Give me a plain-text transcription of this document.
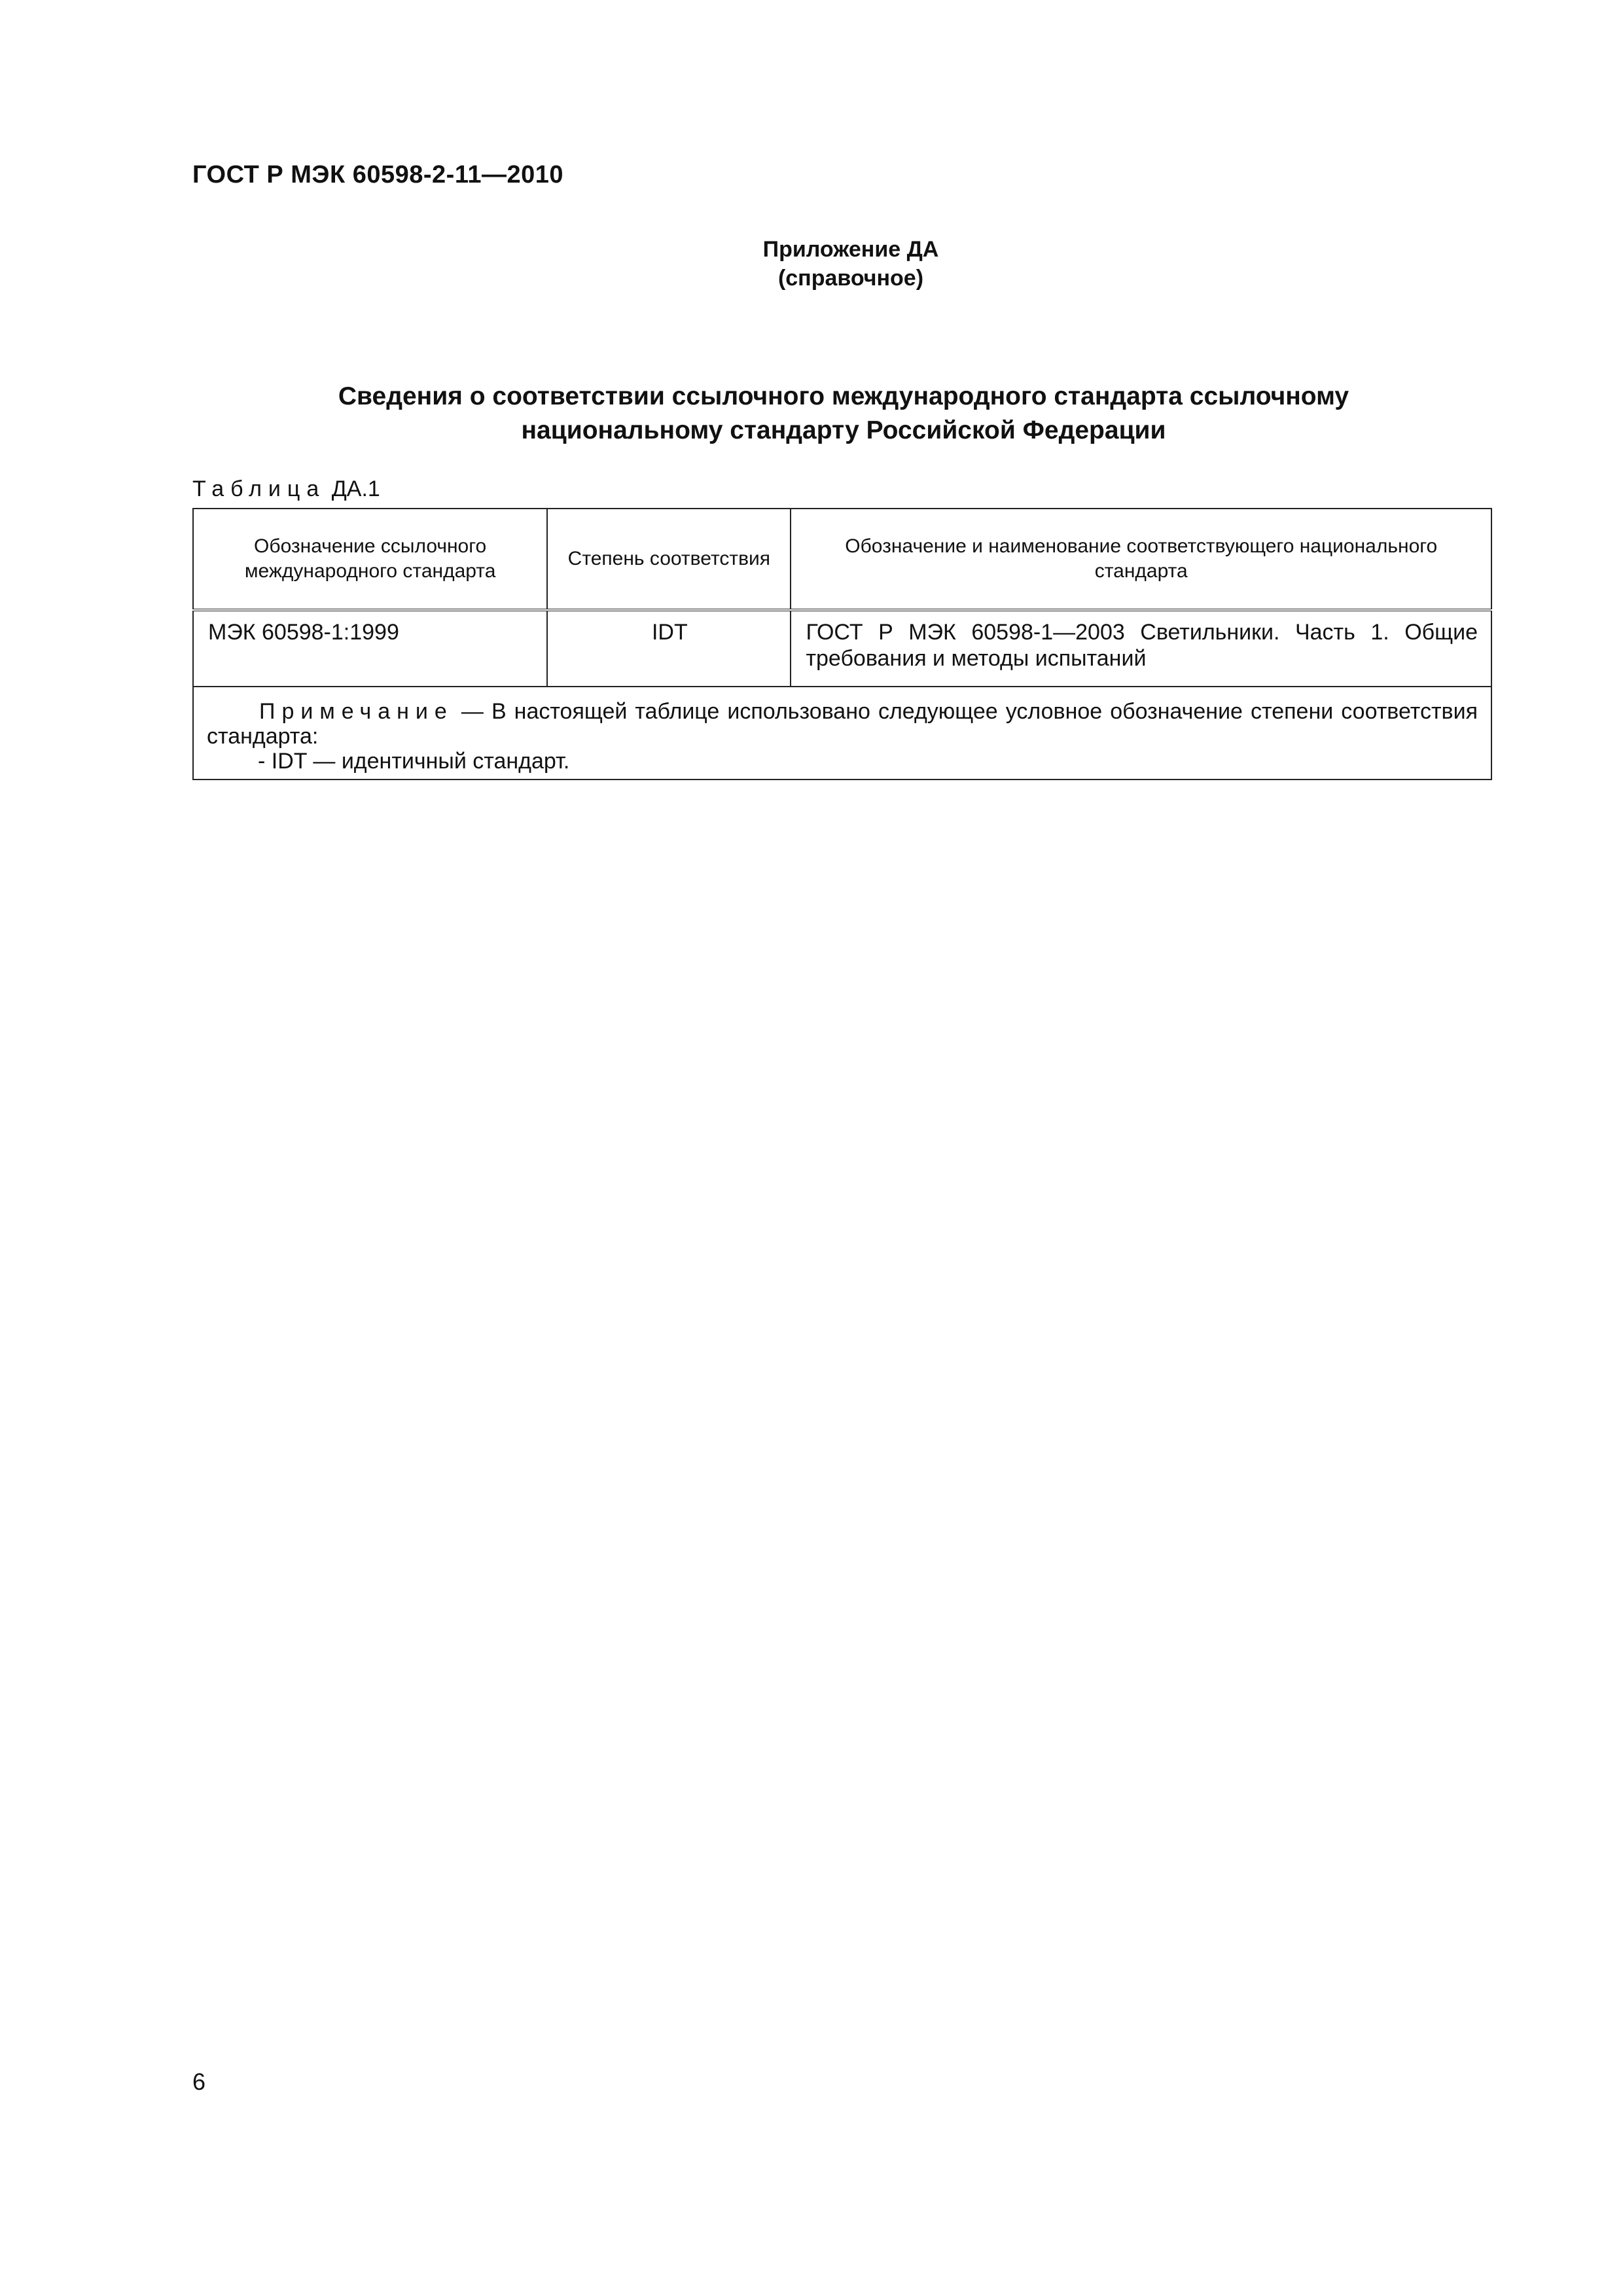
ГОСТ Р МЭК 60598-2-11—2010
Приложение ДА
(справочное)
Сведения о соответствии ссылочного международного стандарта ссылочному
национальному стандарту Российской Федерации
Таблица ДА.1
Обозначение ссылочного международного стандарта	Степень соответствия	Обозначение и наименование соответствующего национального стандарта
МЭК 60598-1:1999	IDT	ГОСТ Р МЭК 60598-1—2003 Светильники. Часть 1. Общие требования и методы испытаний

Примечание — В настоящей таблице использовано следующее условное обозначение степени соответствия стандарта:
- IDT — идентичный стандарт.		
6
